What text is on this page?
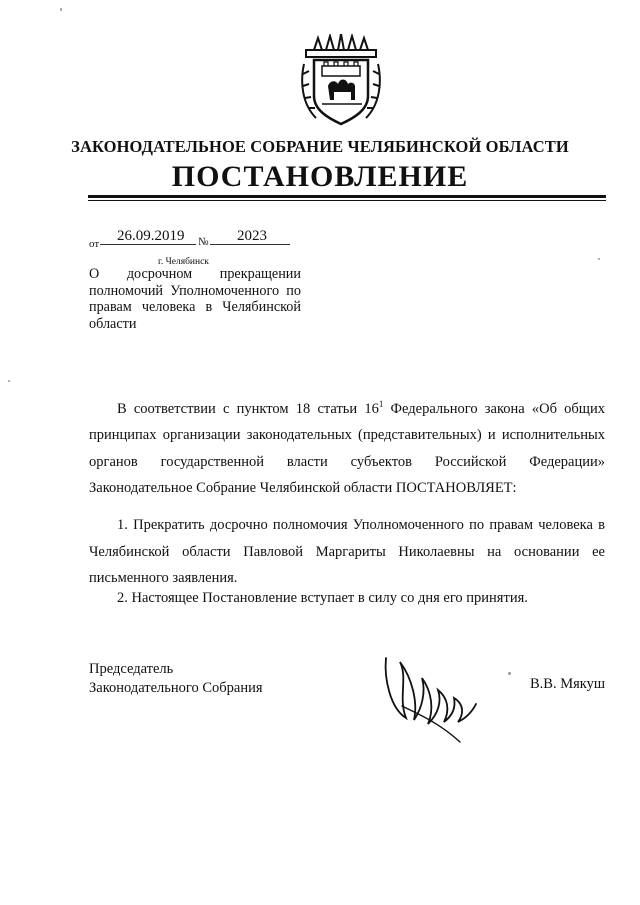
ЗАКОНОДАТЕЛЬНОЕ СОБРАНИЕ ЧЕЛЯБИНСКОЙ ОБЛАСТИ
ПОСТАНОВЛЕНИЕ
от 26.09.2019 № 2023
г. Челябинск
О досрочном прекращении полномочий Уполномоченного по правам человека в Челябинской области
В соответствии с пунктом 18 статьи $16^1$ Федерального закона «Об общих принципах организации законодательных (представительных) и исполнительных органов государственной власти субъектов Российской Федерации» Законодательное Собрание Челябинской области ПОСТАНОВЛЯЕТ:
1. Прекратить досрочно полномочия Уполномоченного по правам человека в Челябинской области Павловой Маргариты Николаевны на основании ее письменного заявления.
2. Настоящее Постановление вступает в силу со дня его принятия.
Председатель
Законодательного Собрания	В.В. Мякуш
